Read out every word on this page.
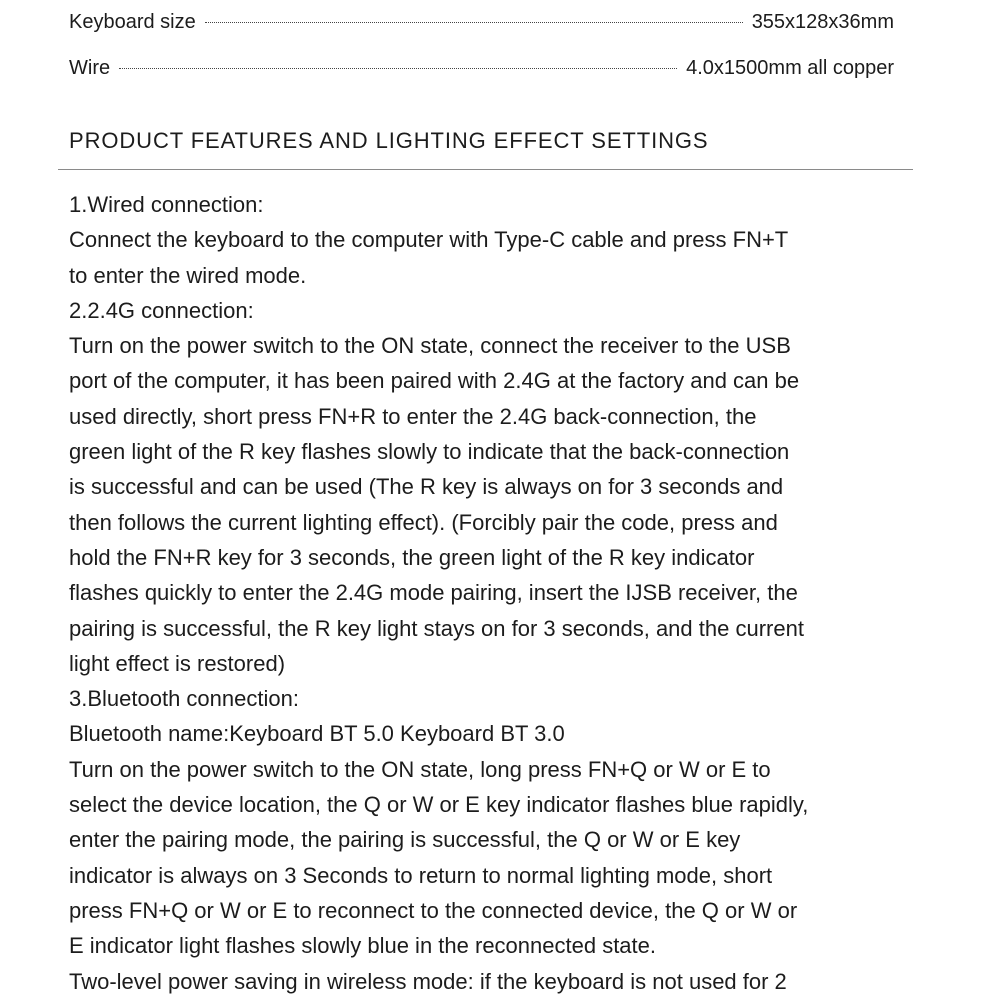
Keyboard size	355x128x36mm
Wire	4.0x1500mm all copper
PRODUCT FEATURES AND LIGHTING EFFECT SETTINGS
1.Wired connection:
Connect the keyboard to the computer with Type-C cable and press FN+T
to enter the wired mode.
2.2.4G connection:
Turn on the power switch to the ON state, connect the receiver to the USB
port of the computer, it has been paired with 2.4G at the factory and can be
used directly, short press FN+R to enter the 2.4G back-connection, the
green light of the R key flashes slowly to indicate that the back-connection
is successful and can be used (The R key is always on for 3 seconds and
then follows the current lighting effect). (Forcibly pair the code, press and
hold the FN+R key for 3 seconds, the green light of the R key indicator
flashes quickly to enter the 2.4G mode pairing, insert the IJSB receiver, the
pairing is successful, the R key light stays on for 3 seconds, and the current
light effect is restored)
3.Bluetooth connection:
Bluetooth name:Keyboard BT 5.0 Keyboard BT 3.0
Turn on the power switch to the ON state, long press FN+Q or W or E to
select the device location, the Q or W or E key indicator flashes blue rapidly,
enter the pairing mode, the pairing is successful, the Q or W or E key
indicator is always on 3 Seconds to return to normal lighting mode, short
press FN+Q or W or E to reconnect to the connected device, the Q or W or
E indicator light flashes slowly blue in the reconnected state.
Two-level power saving in wireless mode: if the keyboard is not used for 2
